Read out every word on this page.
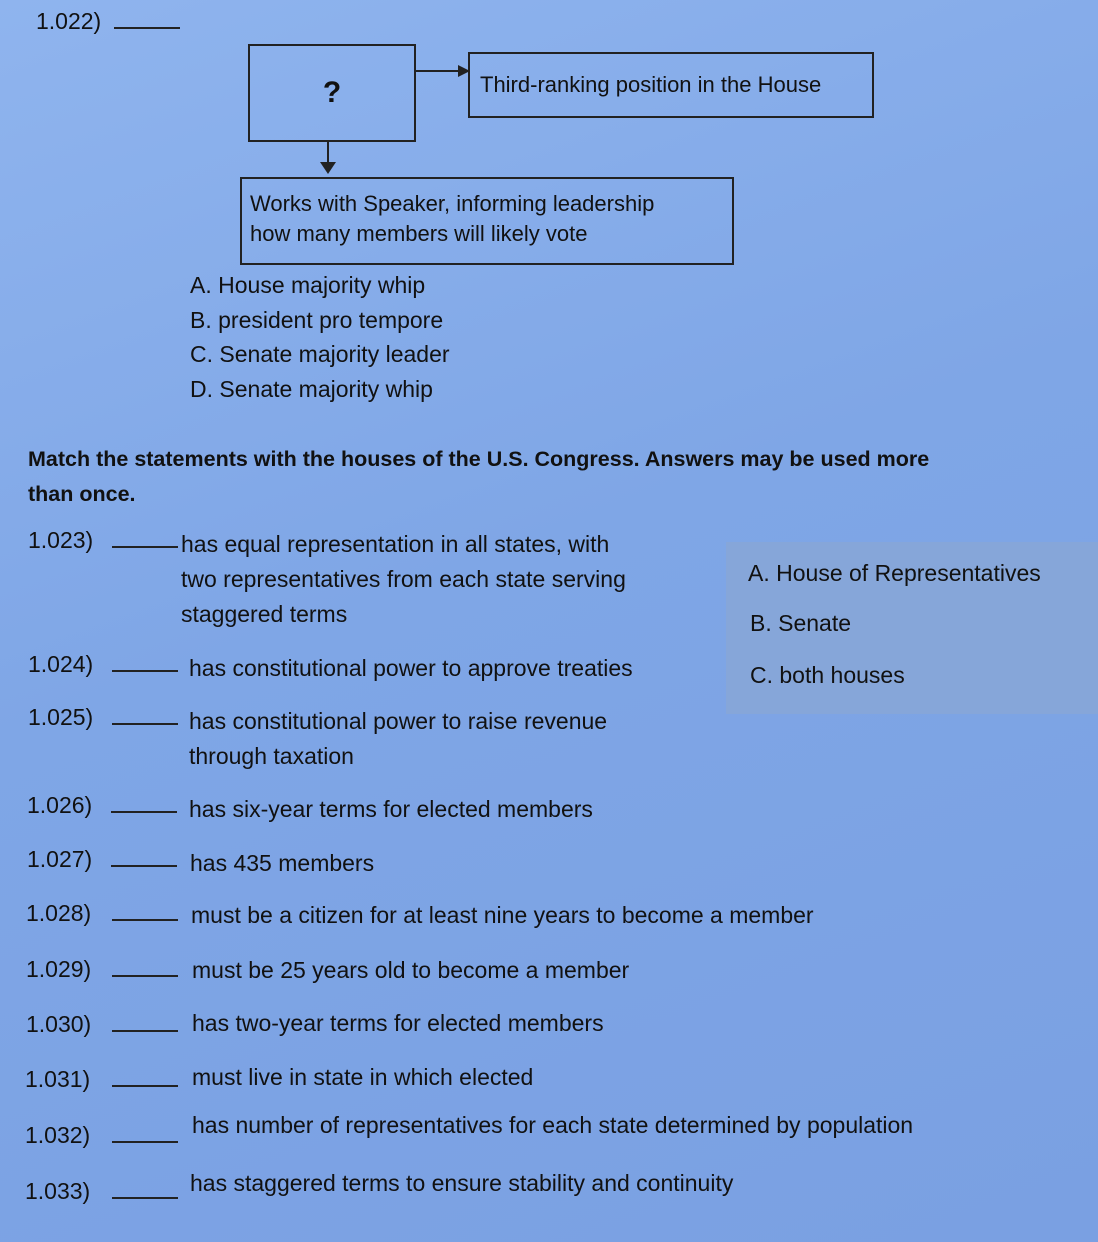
1.022)
?	Third-ranking position in the House
Works with Speaker, informing leadership
how many members will likely vote
A. House majority whip
B. president pro tempore
C. Senate majority leader
D. Senate majority whip
Match the statements with the houses of the U.S. Congress. Answers may be used more
than once.
A. House of Representatives
B. Senate
C. both houses
1.023)	has equal representation in all states, with
two representatives from each state serving
staggered terms
1.024)	has constitutional power to approve treaties
1.025)	has constitutional power to raise revenue
through taxation
1.026)	has six-year terms for elected members
1.027)	has 435 members
1.028)	must be a citizen for at least nine years to become a member
1.029)	must be 25 years old to become a member
1.030)	has two-year terms for elected members
1.031)	must live in state in which elected
1.032)	has number of representatives for each state determined by population
1.033)	has staggered terms to ensure stability and continuity
